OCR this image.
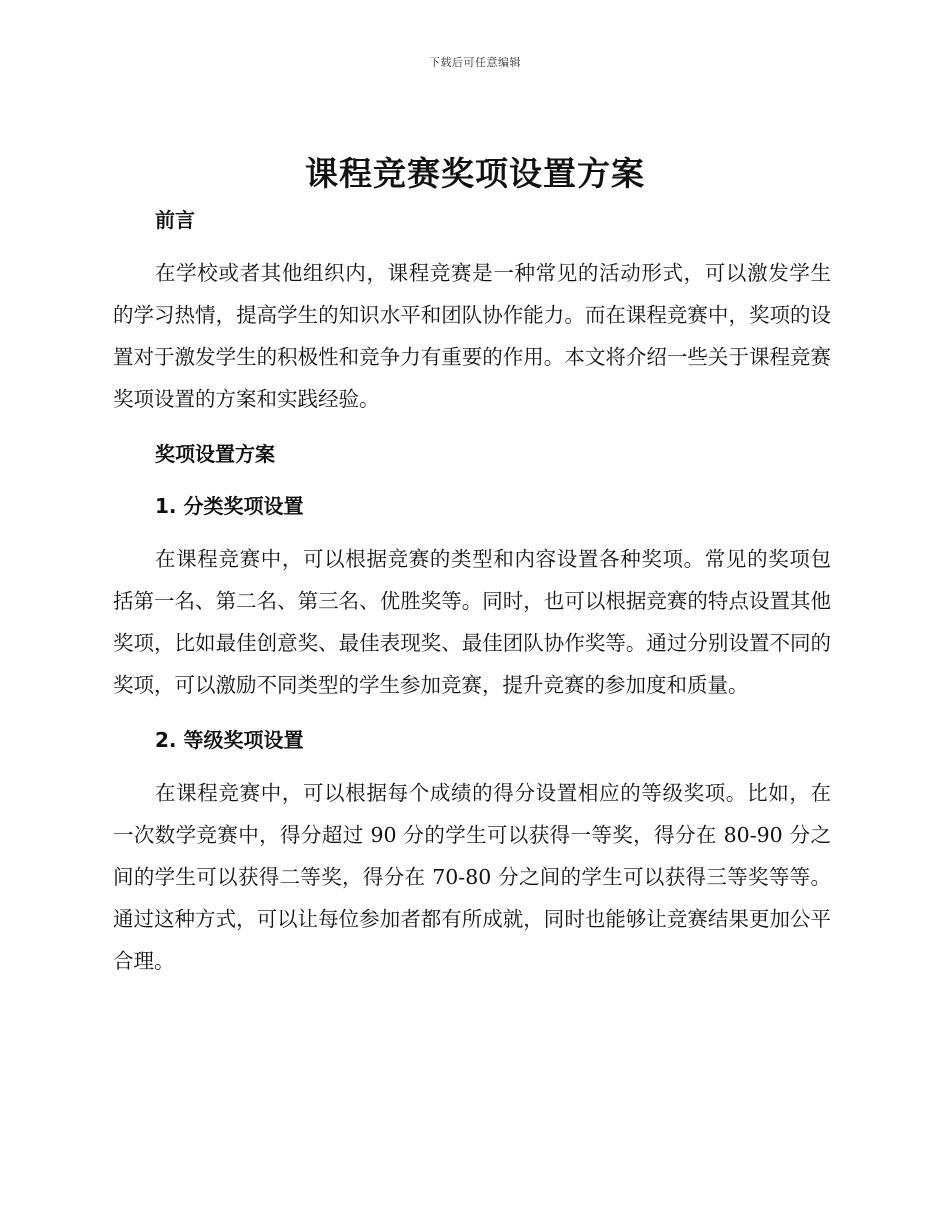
下载后可任意编辑
课程竞赛奖项设置方案
前言

在学校或者其他组织内，课程竞赛是一种常见的活动形式，可以激发学生的学习热情，提高学生的知识水平和团队协作能力。而在课程竞赛中，奖项的设置对于激发学生的积极性和竞争力有重要的作用。本文将介绍一些关于课程竞赛奖项设置的方案和实践经验。

奖项设置方案
1. 分类奖项设置

在课程竞赛中，可以根据竞赛的类型和内容设置各种奖项。常见的奖项包括第一名、第二名、第三名、优胜奖等。同时，也可以根据竞赛的特点设置其他奖项，比如最佳创意奖、最佳表现奖、最佳团队协作奖等。通过分别设置不同的奖项，可以激励不同类型的学生参加竞赛，提升竞赛的参加度和质量。

2. 等级奖项设置

在课程竞赛中，可以根据每个成绩的得分设置相应的等级奖项。比如，在一次数学竞赛中，得分超过 90 分的学生可以获得一等奖，得分在 80-90 分之间的学生可以获得二等奖，得分在 70-80 分之间的学生可以获得三等奖等等。通过这种方式，可以让每位参加者都有所成就，同时也能够让竞赛结果更加公平合理。
